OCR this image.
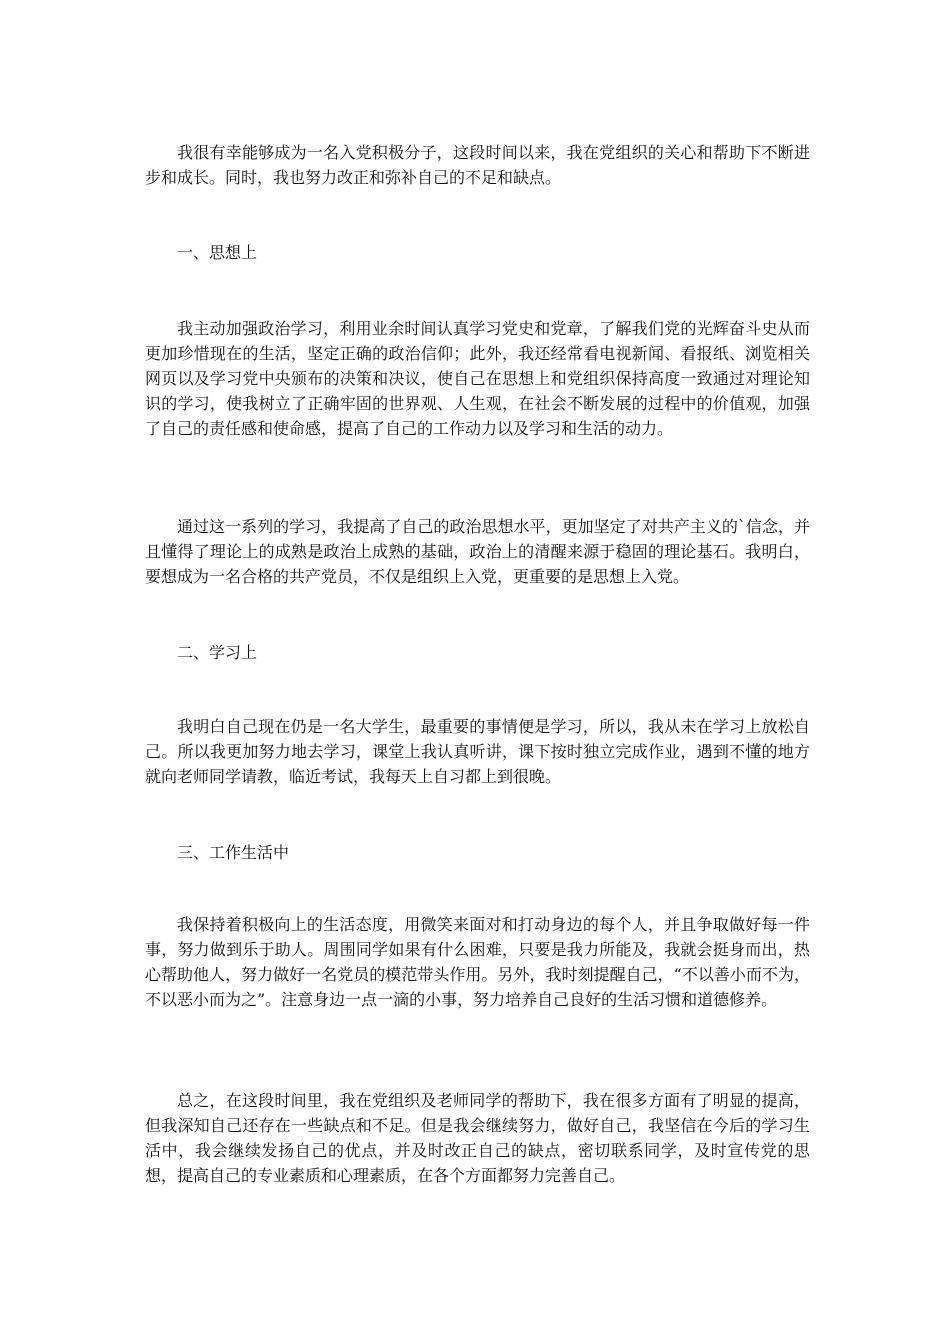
我很有幸能够成为一名入党积极分子，这段时间以来，我在党组织的关心和帮助下不断进步和成长。同时，我也努力改正和弥补自己的不足和缺点。

一、思想上

我主动加强政治学习，利用业余时间认真学习党史和党章，了解我们党的光辉奋斗史从而更加珍惜现在的生活，坚定正确的政治信仰；此外，我还经常看电视新闻、看报纸、浏览相关网页以及学习党中央颁布的决策和决议，使自己在思想上和党组织保持高度一致通过对理论知识的学习，使我树立了正确牢固的世界观、人生观，在社会不断发展的过程中的价值观，加强了自己的责任感和使命感，提高了自己的工作动力以及学习和生活的动力。

通过这一系列的学习，我提高了自己的政治思想水平，更加坚定了对共产主义的`信念，并且懂得了理论上的成熟是政治上成熟的基础，政治上的清醒来源于稳固的理论基石。我明白，要想成为一名合格的共产党员，不仅是组织上入党，更重要的是思想上入党。

二、学习上

我明白自己现在仍是一名大学生，最重要的事情便是学习，所以，我从未在学习上放松自己。所以我更加努力地去学习，课堂上我认真听讲，课下按时独立完成作业，遇到不懂的地方就向老师同学请教，临近考试，我每天上自习都上到很晚。

三、工作生活中

我保持着积极向上的生活态度，用微笑来面对和打动身边的每个人，并且争取做好每一件事，努力做到乐于助人。周围同学如果有什么困难，只要是我力所能及，我就会挺身而出，热心帮助他人，努力做好一名党员的模范带头作用。另外，我时刻提醒自己，“不以善小而不为，不以恶小而为之”。注意身边一点一滴的小事，努力培养自己良好的生活习惯和道德修养。

总之，在这段时间里，我在党组织及老师同学的帮助下，我在很多方面有了明显的提高，但我深知自己还存在一些缺点和不足。但是我会继续努力，做好自己，我坚信在今后的学习生活中，我会继续发扬自己的优点，并及时改正自己的缺点，密切联系同学，及时宣传党的思想，提高自己的专业素质和心理素质，在各个方面都努力完善自己。
